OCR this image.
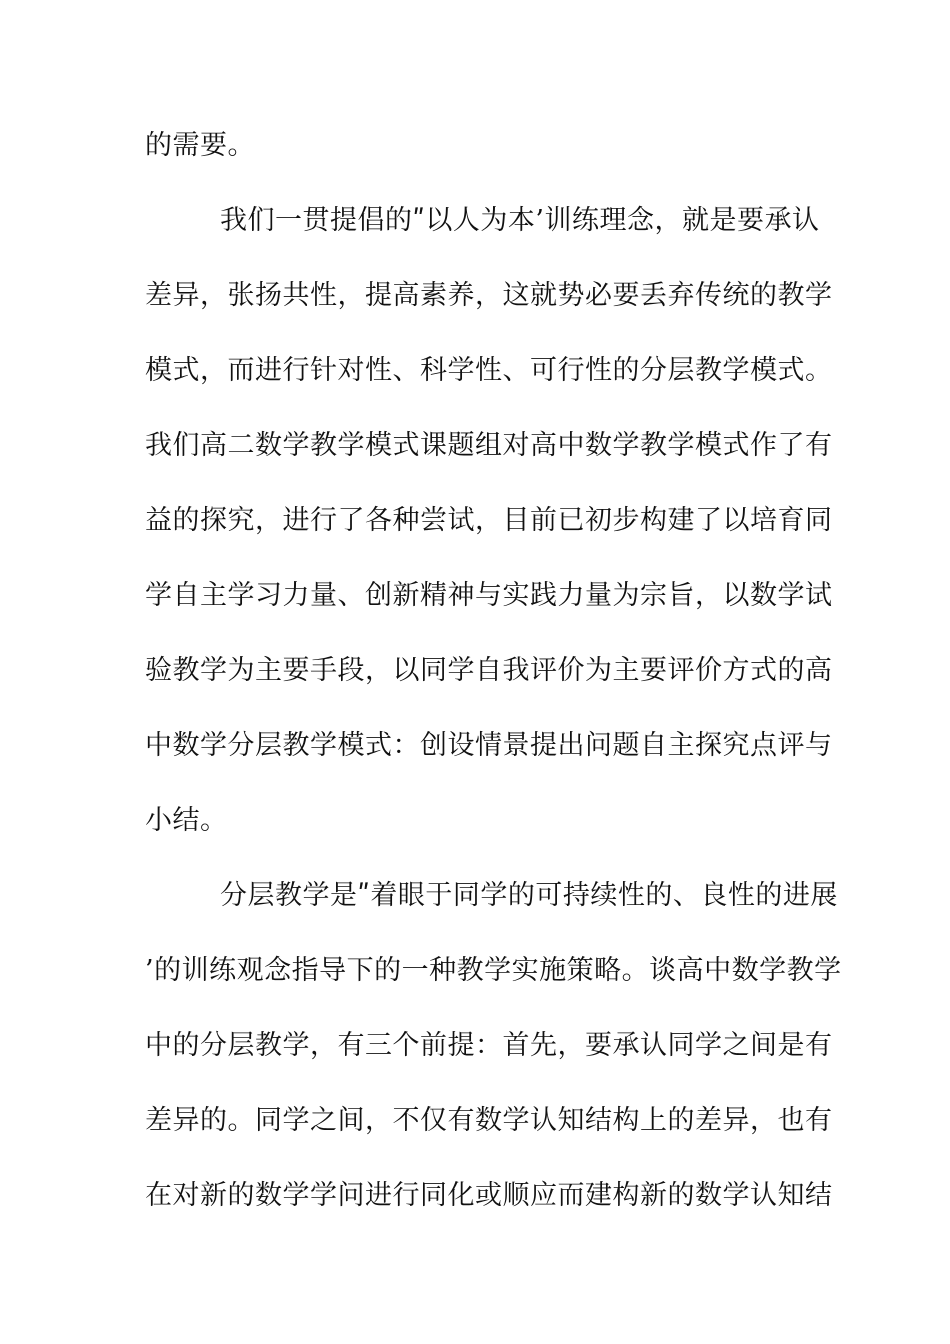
的需要。
我们一贯提倡的ʺ以人为本’训练理念，就是要承认
差异，张扬共性，提高素养，这就势必要丢弃传统的教学
模式，而进行针对性、科学性、可行性的分层教学模式。
我们高二数学教学模式课题组对高中数学教学模式作了有
益的探究，进行了各种尝试，目前已初步构建了以培育同
学自主学习力量、创新精神与实践力量为宗旨，以数学试
验教学为主要手段，以同学自我评价为主要评价方式的高
中数学分层教学模式：创设情景提出问题自主探究点评与
小结。
分层教学是ʺ着眼于同学的可持续性的、良性的进展
’的训练观念指导下的一种教学实施策略。谈高中数学教学
中的分层教学，有三个前提：首先，要承认同学之间是有
差异的。同学之间，不仅有数学认知结构上的差异，也有
在对新的数学学问进行同化或顺应而建构新的数学认知结
